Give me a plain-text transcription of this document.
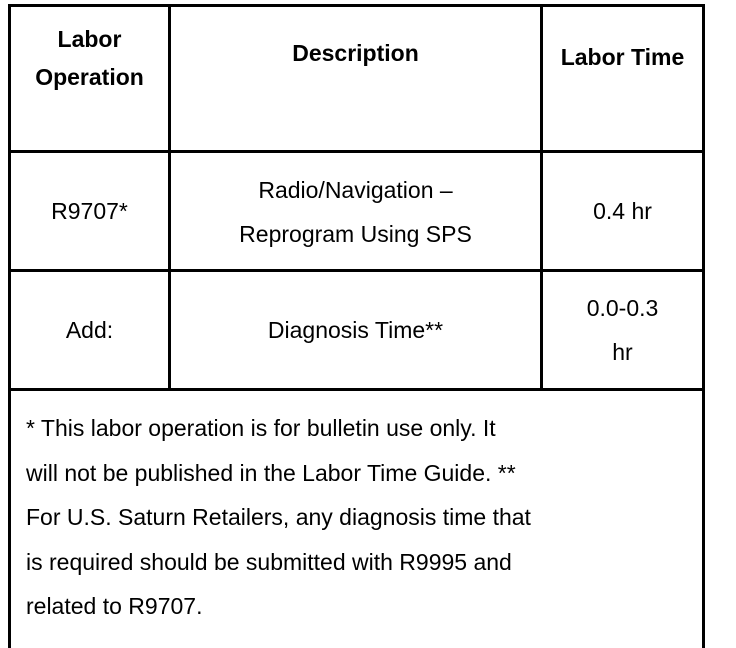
Labor Operation
Description	Labor Time
R9707*
Radio/Navigation –
Reprogram Using SPS
0.4 hr
Add:	Diagnosis Time**
0.0-0.3
hr
* This labor operation is for bulletin use only. It
will not be published in the Labor Time Guide. **
For U.S. Saturn Retailers, any diagnosis time that
is required should be submitted with R9995 and
related to R9707.
